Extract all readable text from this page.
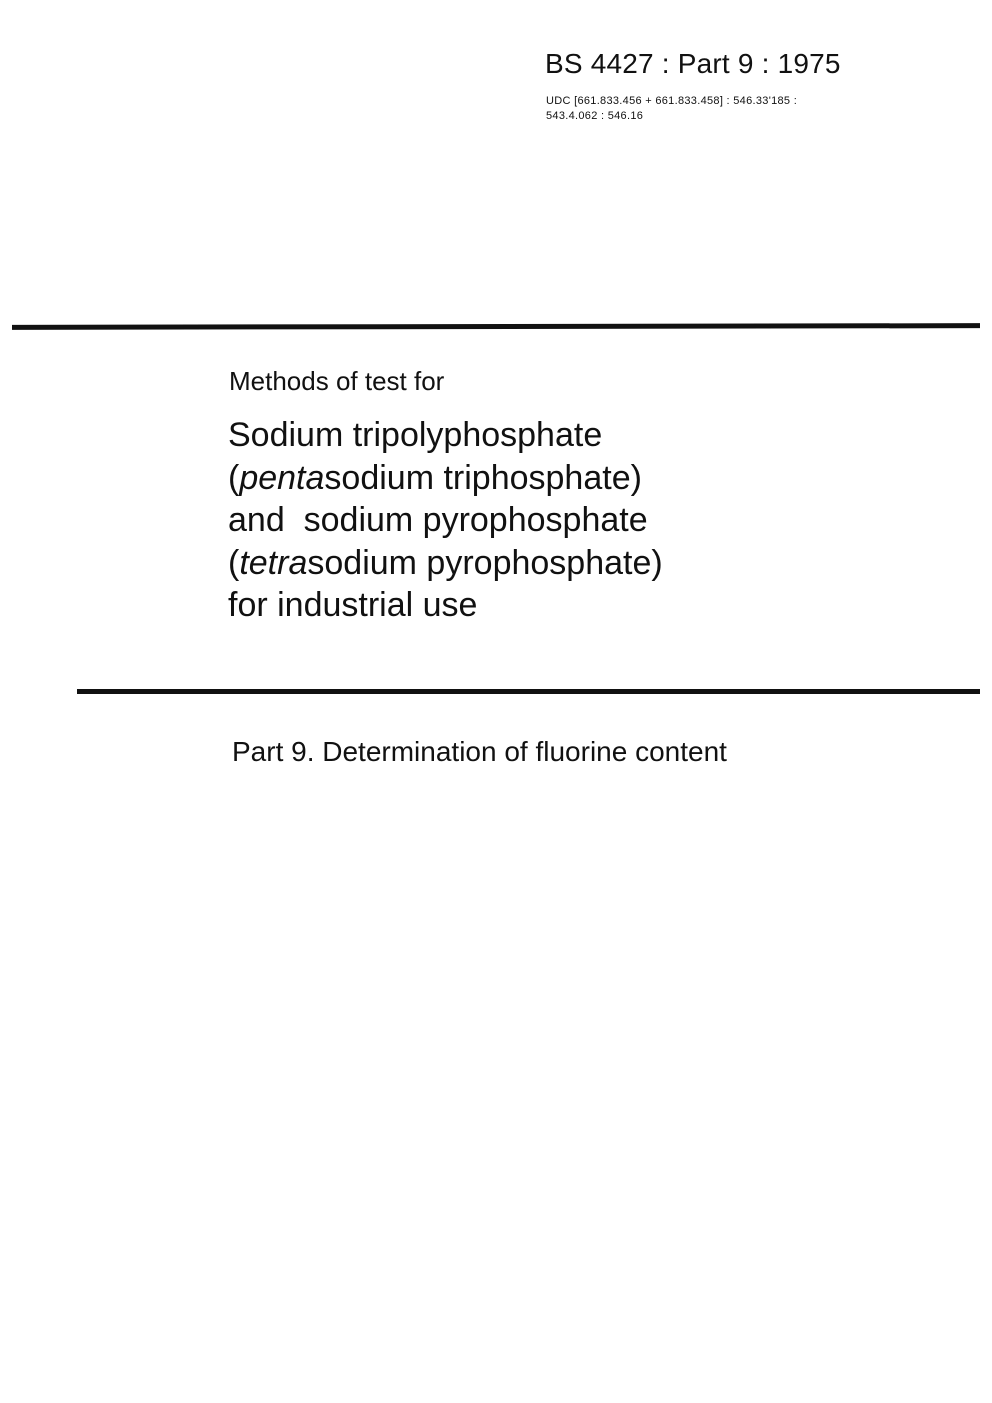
BS 4427 : Part 9 : 1975
UDC [661.833.456 + 661.833.458] : 546.33'185 :
543.4.062 : 546.16
Methods of test for
Sodium tripolyphosphate
(pentasodium triphosphate)
and  sodium pyrophosphate
(tetrasodium pyrophosphate)
for industrial use
Part 9. Determination of fluorine content
